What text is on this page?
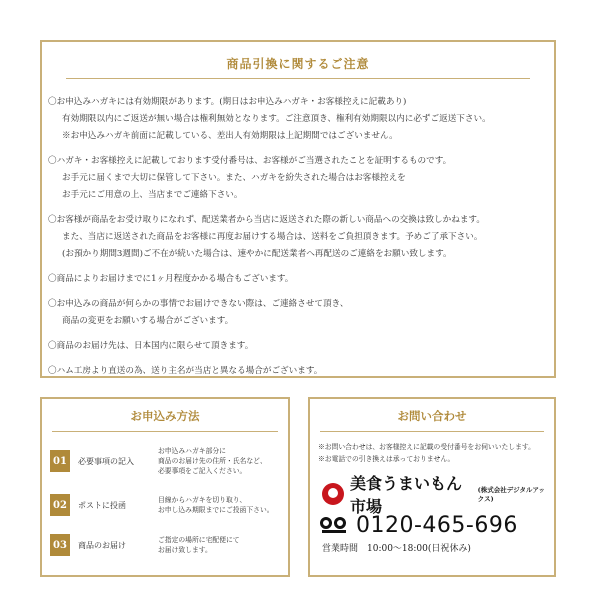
商品引換に関するご注意
〇お申込みハガキには有効期限があります。(期日はお申込みハガキ・お客様控えに記載あり)
有効期限以内にご返送が無い場合は権利無効となります。ご注意頂き、権利有効期限以内に必ずご返送下さい。
※お申込みハガキ前面に記載している、差出人有効期限は上記期間ではございません。
〇ハガキ・お客様控えに記載しております受付番号は、お客様がご当選されたことを証明するものです。
お手元に届くまで大切に保管して下さい。また、ハガキを紛失された場合はお客様控えを
お手元にご用意の上、当店までご連絡下さい。
〇お客様が商品をお受け取りになれず、配送業者から当店に返送された際の新しい商品への交換は致しかねます。
また、当店に返送された商品をお客様に再度お届けする場合は、送料をご負担頂きます。予めご了承下さい。
(お預かり期間3週間)ご不在が続いた場合は、速やかに配送業者へ再配送のご連絡をお願い致します。
〇商品によりお届けまでに1ヶ月程度かかる場合もございます。
〇お申込みの商品が何らかの事情でお届けできない際は、ご連絡させて頂き、
商品の変更をお願いする場合がございます。
〇商品のお届け先は、日本国内に限らせて頂きます。
〇ハム工房より直送の為、送り主名が当店と異なる場合がございます。
お申込み方法
01	必要事項の記入
お申込みハガキ部分に
商品のお届け先の住所・氏名など、
必要事項をご記入ください。
02	ポストに投函
目線からハガキを切り取り、
お申し込み期限までにご投函下さい。
03	商品のお届け
ご指定の場所に宅配便にて
お届け致します。
お問い合わせ
※お問い合わせは、お客様控えに記載の受付番号をお伺いいたします。
※お電話での引き換えは承っておりません。
美食うまいもん市場
(株式会社デジタルアックス)
0120-465-696
営業時間　10:00～18:00(日祝休み)
